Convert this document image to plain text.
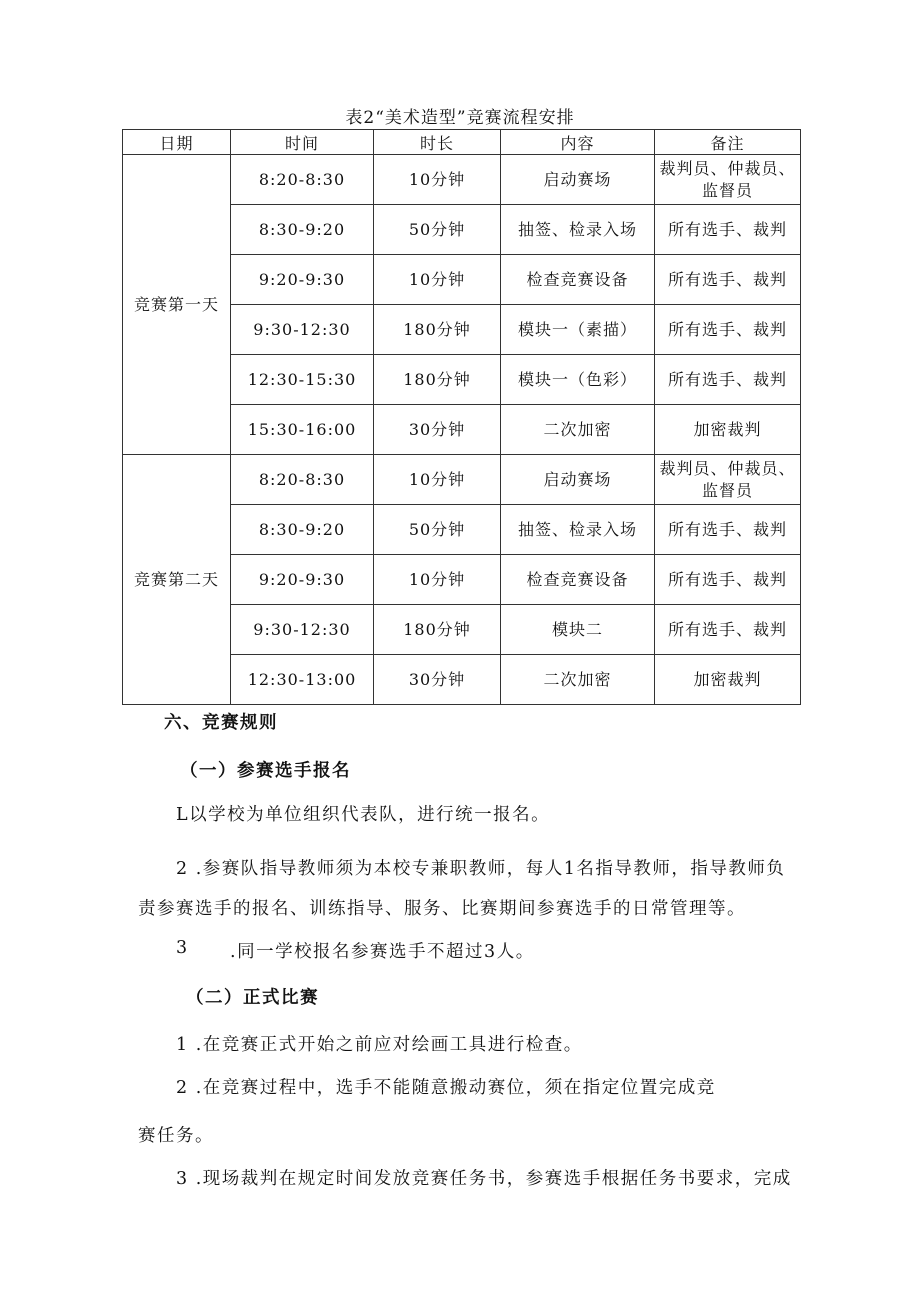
表2“美术造型”竞赛流程安排
日期	时间	时长	内容	备注
竞赛第一天	8:20-8:30	10分钟	启动赛场	裁判员、仲裁员、监督员
	8:30-9:20	50分钟	抽签、检录入场	所有选手、裁判
	9:20-9:30	10分钟	检查竞赛设备	所有选手、裁判
	9:30-12:30	180分钟	模块一（素描）	所有选手、裁判
	12:30-15:30	180分钟	模块一（色彩）	所有选手、裁判
	15:30-16:00	30分钟	二次加密	加密裁判
竞赛第二天	8:20-8:30	10分钟	启动赛场	裁判员、仲裁员、监督员
	8:30-9:20	50分钟	抽签、检录入场	所有选手、裁判
	9:20-9:30	10分钟	检查竞赛设备	所有选手、裁判
	9:30-12:30	180分钟	模块二	所有选手、裁判
	12:30-13:00	30分钟	二次加密	加密裁判
六、竞赛规则
（一）参赛选手报名
L以学校为单位组织代表队，进行统一报名。
2 .参赛队指导教师须为本校专兼职教师，每人1名指导教师，指导教师负
责参赛选手的报名、训练指导、服务、比赛期间参赛选手的日常管理等。
3 .同一学校报名参赛选手不超过3人。
（二）正式比赛
1 .在竞赛正式开始之前应对绘画工具进行检查。
2 .在竞赛过程中，选手不能随意搬动赛位，须在指定位置完成竞
赛任务。
3 .现场裁判在规定时间发放竞赛任务书，参赛选手根据任务书要求，完成
